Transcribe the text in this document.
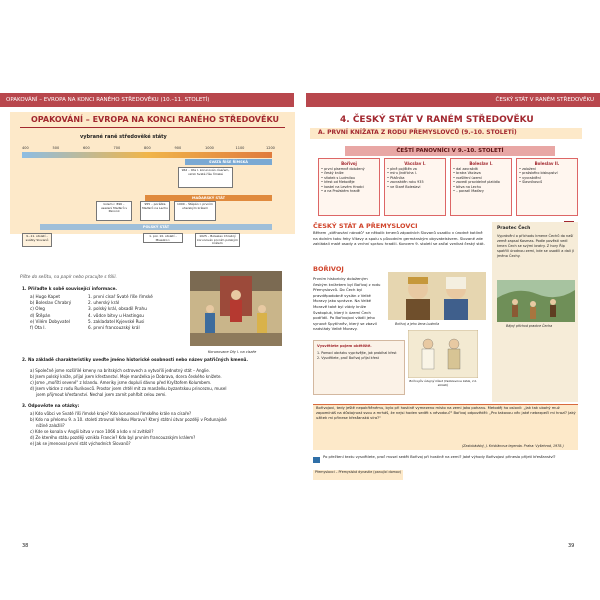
OPAKOVÁNÍ – EVROPA NA KONCI RANÉHO STŘEDOVĚKU (10.–11. STOLETÍ)	ČESKÝ STÁT V RANÉM STŘEDOVĚKU
OPAKOVÁNÍ – EVROPA NA KONCI RANÉHO STŘEDOVĚKU
vybrané raně středověké státy
400	500	600	700	800	900	1000	1100	1200
SVATÁ ŘÍŠE ŘÍMSKÁ
MAĎARSKÝ STÁT
POLSKÝ STÁT
962 – Ota I. korunován císařem, vznik Svaté říše římské
kolem r. 896 – usazení Maďarů v Panonii
955 – porážka Maďarů na Lechu
1000 – Štěpán I. prvním uherským králem
1. pol. 10. století – Mieszko I.
1025 – Boleslav Chrabrý korunován prvním polským králem
9.–11. století – svátky Slovanů
Píšte do sešitu, na papír nebo pracujte s fólií.
1. Přiřaďte k sobě související informace.
a) Hugo Kapet
b) Boleslav Chrabrý
c) Oleg
d) Štěpán
e) Vilém Dobyvatel
f) Ota I.
1. první císař Svaté říše římské
2. uherský král
3. polský král, obsadil Prahu
4. vůdce bitvy u Hastingsu
5. zakladatel Kyjevské Rusi
6. první francouzský král
Korunovace Oty I. na císaře
2. Na základě charakteristiky uveďte jméno historické osobnosti nebo název patřičných kmenů.
a) Společně jsme rozšířilé kmeny na britských ostrovech a vytvořili jednotný stát – Anglie.
b) Jsem polský kníže, přijal jsem křesťanství. Moje manželka je Dobrava, dcera českého knížete.
c) Jsme „mořští sevené" z Islandu. Ameriky jsme dopluli dávno před Kryštofem Kolumbem.
d) Jsem vládce z rodu Rurikovců. Prostor jsem chtěl mít za manželku byzantskou princeznu, musel
jsem přijmout křesťanství. Nechal jsem zarnit pohřbít celou zemi.
3. Odpovězte na otázky:
a) Kdo vůbci ve Svaté říši římské kraje? Kdo korunoval římského krále na císaře?
b) Kdo na přelomu 9. a 10. století ztrovnal Velkou Moravu? Který státní útvar později v Podunajské
nížině založili?
c) Kde se konala v Anglii bitva v roce 1066 a kdo v ní zvítězil?
d) Ze kterého státu později vznikla Francie? Kdo byl prvním francouzským králem?
e) Jak se jmenoval první stát východních Slovanů?
38
4. ČESKÝ STÁT V RANÉM STŘEDOVĚKU
A. PRVNÍ KNÍŽATA Z RODU PŘEMYSLOVCŮ (9.–10. STOLETÍ)
ČEŠTÍ PANOVNÍCI V 9.–10. STOLETÍ
Bořivoj
• první písemně doložený
• český kníže
• sňatek s Ludmilou
• křest od Metoděje
• kostel na Levém Hradci
• a na Pražském hradě
Vácslav I.
• plně pojištěn za
• míru Jindřicha I.
• Ptáčníka
• zavražděn roku 935
• ve Staré Boleslavi
Boleslav I.
• dal zavraždit
• bratra Václava
• rozšíření území
• zavedl pravidelné platidlo
• bitva na Lechu
• – porazil Maďary
Boleslav II.
• založení
• pražského biskupství
• vyvraždění
• Slavníkovců
ČESKÝ STÁT A PŘEMYSLOVCI
Během „stěhování národů" se několik kmenů západních Slovanů usadilo v úrodné kotlině na dolním toku řeky Vltavy a spolu s původním germánským obyvatelstvem. Slované zde zakládali malé osady a vrchní správu hradili. Koncem 9. století se začal vznikat český stát.
BOŘIVOJ
Prvním historicky doloženým českým knížetem byl Bořivoj z rodu Přemyslovců. Do Čech byl pravděpodobně vyslán z Velké Moravy jako správce. Na Velké Moravě také byl vlády kníže Svatopluk, který k území Čech podřídil. Po Bořivojovi vládli jeho synové Spytihněv, který se zbavil nadvlády Velké Moravy.
Bořivoj a jeho žena Ludmila
Bořivojův údajný křest (Velislavova bible, 14. století)
Vysvětlete pojem obětiště.
1. Pomocí obrázku vyprávějte, jak probíhal křest
2. Vysvětlete, proč Bořivoj přijal křest
Praotec Čech
Vyprávění o příchodu kmene Čechů do naší země zapsal Kosmas. Podle pověsti vedl kmen Čech se svými bratry. Z hory Říp spatřili úrodnou zemi, kde se usadili a dali jí jméno Čechy.
Bájný příchod praotce Čecha
Bořivojovi, tedy ještě nepokřtěnému, bylo při hostině vymezeno místo na zemi jako pohanu. Metoděj ho oslovil: „Jak tak ubohý muž zapomínáš na důstojnost svou a mrháš, že nejsi hoden sedět s vévodou?" Bořivoj odpověděl: „Pro takovou věc jaké nebezpečí mi hrozí? Jaký užitek mi přinese křesťanská víra?"
(Zaslobádský, J. Kristiánova legenda. Praha: Vyšehrad, 1978.)
Po přečtení textu vysvětlete, proč musel sedět Bořivoj při hostině na zemi? Jaké výhody Bořivojovi přineslo přijetí křesťanství?
Přemyslovci – Přemyslská dynastie (panující domov)
39
